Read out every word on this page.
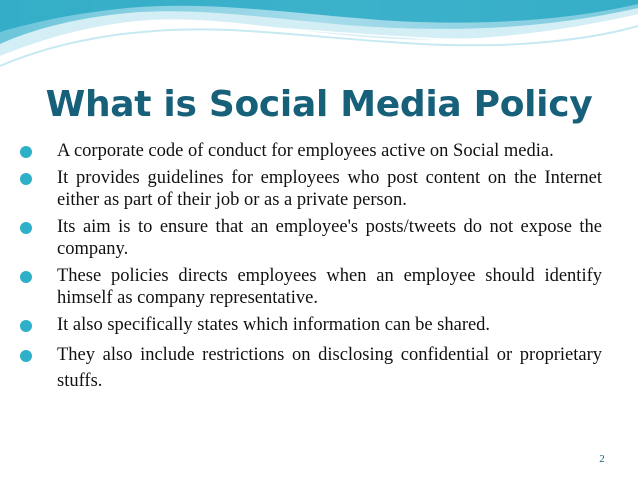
What is Social Media Policy
A corporate code of conduct for employees active on Social media.
It provides guidelines for employees who post content on the Internet either as part of their job or as a private person.
Its aim is to ensure that an employee's posts/tweets do not expose the company.
These policies directs employees when an employee should identify himself as company representative.
It also specifically states which information can be shared.
They also include restrictions on disclosing confidential or proprietary stuffs.
2
